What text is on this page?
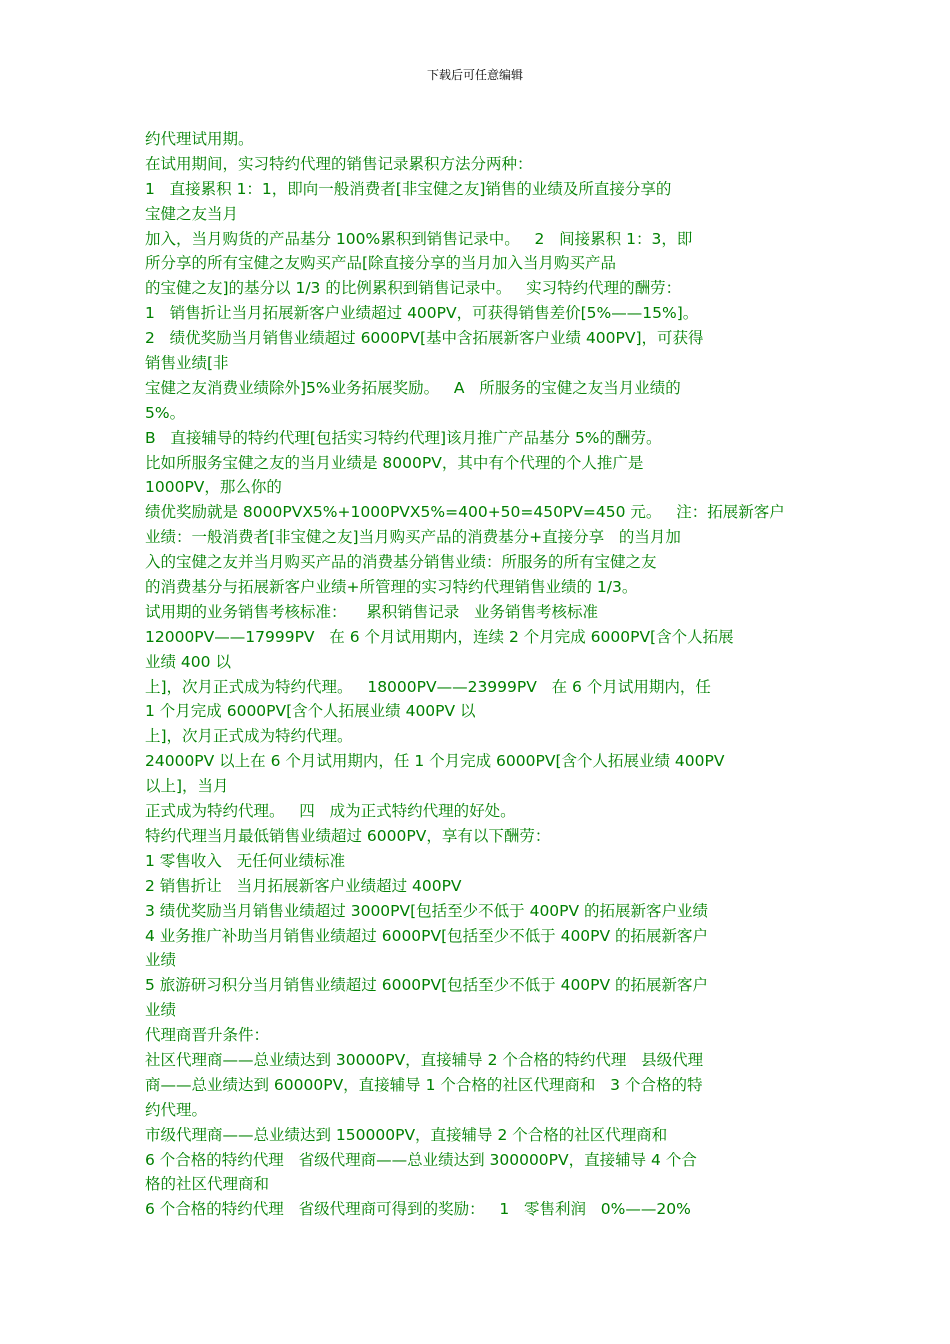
下载后可任意编辑
约代理试用期。
在试用期间，实习特约代理的销售记录累积方法分两种：
1   直接累积 1：1，即向一般消费者[非宝健之友]销售的业绩及所直接分享的
宝健之友当月
加入，当月购货的产品基分 100%累积到销售记录中。   2   间接累积 1：3，即
所分享的所有宝健之友购买产品[除直接分享的当月加入当月购买产品
的宝健之友]的基分以 1/3 的比例累积到销售记录中。   实习特约代理的酬劳：
1   销售折让当月拓展新客户业绩超过 400PV，可获得销售差价[5%——15%]。
2   绩优奖励当月销售业绩超过 6000PV[基中含拓展新客户业绩 400PV]，可获得
销售业绩[非
宝健之友消费业绩除外]5%业务拓展奖励。   A   所服务的宝健之友当月业绩的
5%。
B   直接辅导的特约代理[包括实习特约代理]该月推广产品基分 5%的酬劳。
比如所服务宝健之友的当月业绩是 8000PV，其中有个代理的个人推广是
1000PV，那么你的
绩优奖励就是 8000PVX5%+1000PVX5%=400+50=450PV=450 元。   注：拓展新客户
业绩：一般消费者[非宝健之友]当月购买产品的消费基分+直接分享   的当月加
入的宝健之友并当月购买产品的消费基分销售业绩：所服务的所有宝健之友
的消费基分与拓展新客户业绩+所管理的实习特约代理销售业绩的 1/3。
试用期的业务销售考核标准：    累积销售记录   业务销售考核标准
12000PV——17999PV   在 6 个月试用期内，连续 2 个月完成 6000PV[含个人拓展
业绩 400 以
上]，次月正式成为特约代理。   18000PV——23999PV   在 6 个月试用期内，任
1 个月完成 6000PV[含个人拓展业绩 400PV 以
上]，次月正式成为特约代理。
24000PV 以上在 6 个月试用期内，任 1 个月完成 6000PV[含个人拓展业绩 400PV
以上]，当月
正式成为特约代理。   四   成为正式特约代理的好处。
特约代理当月最低销售业绩超过 6000PV，享有以下酬劳：
1 零售收入   无任何业绩标准
2 销售折让   当月拓展新客户业绩超过 400PV
3 绩优奖励当月销售业绩超过 3000PV[包括至少不低于 400PV 的拓展新客户业绩
4 业务推广补助当月销售业绩超过 6000PV[包括至少不低于 400PV 的拓展新客户
业绩
5 旅游研习积分当月销售业绩超过 6000PV[包括至少不低于 400PV 的拓展新客户
业绩
代理商晋升条件：
社区代理商——总业绩达到 30000PV，直接辅导 2 个合格的特约代理   县级代理
商——总业绩达到 60000PV，直接辅导 1 个合格的社区代理商和   3 个合格的特
约代理。
市级代理商——总业绩达到 150000PV，直接辅导 2 个合格的社区代理商和
6 个合格的特约代理   省级代理商——总业绩达到 300000PV，直接辅导 4 个合
格的社区代理商和
6 个合格的特约代理   省级代理商可得到的奖励：   1   零售利润   0%——20%
